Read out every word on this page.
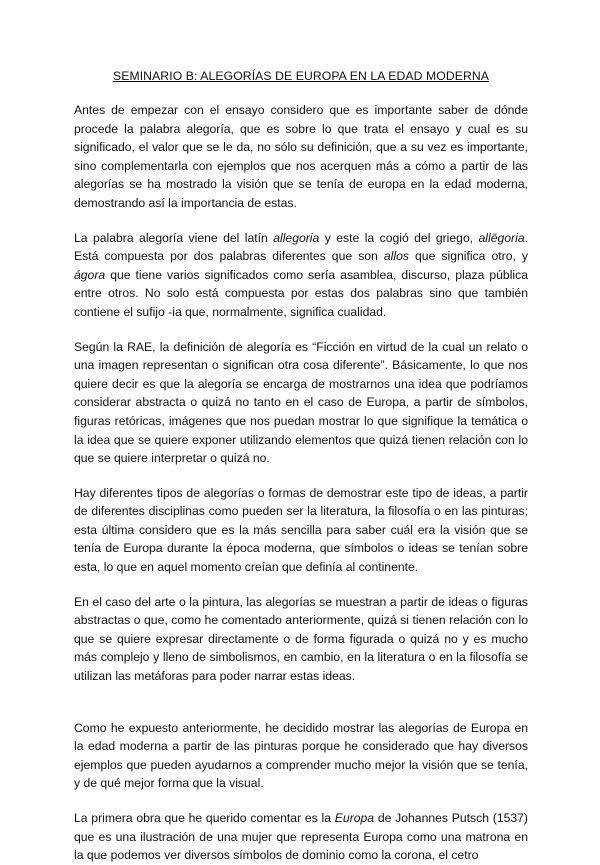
SEMINARIO B: ALEGORÍAS DE EUROPA EN LA EDAD MODERNA

Antes de empezar con el ensayo considero que es importante saber de dónde procede la palabra alegoría, que es sobre lo que trata el ensayo y cual es su significado, el valor que se le da, no sólo su definición, que a su vez es importante, sino complementarla con ejemplos que nos acerquen más a cómo a partir de las alegorías se ha mostrado la visión que se tenía de europa en la edad moderna, demostrando así la importancia de estas.

La palabra alegoría viene del latín allegoria y este la cogió del griego, allēgoria. Está compuesta por dos palabras diferentes que son allos que significa otro, y ágora que tiene varios significados como sería asamblea, discurso, plaza pública entre otros. No solo está compuesta por estas dos palabras sino que también contiene el sufijo -ia que, normalmente, significa cualidad.

Según la RAE, la definición de alegoría es “Ficción en virtud de la cual un relato o una imagen representan o significan otra cosa diferente”. Básicamente, lo que nos quiere decir es que la alegoría se encarga de mostrarnos una idea que podríamos considerar abstracta o quizá no tanto en el caso de Europa, a partir de símbolos, figuras retóricas, imágenes que nos puedan mostrar lo que signifique la temática o la idea que se quiere exponer utilizando elementos que quizá tienen relación con lo que se quiere interpretar o quizá no.

Hay diferentes tipos de alegorías o formas de demostrar este tipo de ideas, a partir de diferentes disciplinas como pueden ser la literatura, la filosofía o en las pinturas; esta última considero que es la más sencilla para saber cuál era la visión que se tenía de Europa durante la época moderna, que símbolos o ideas se tenían sobre esta, lo que en aquel momento creían que definía al continente.

En el caso del arte o la pintura, las alegorías se muestran a partir de ideas o figuras abstractas o que, como he comentado anteriormente, quizá si tienen relación con lo que se quiere expresar directamente o de forma figurada o quizá no y es mucho más complejo y lleno de simbolismos, en cambio, en la literatura o en la filosofía se utilizan las metáforas para poder narrar estas ideas.

Como he expuesto anteriormente, he decidido mostrar las alegorías de Europa en la edad moderna a partir de las pinturas porque he considerado que hay diversos ejemplos que pueden ayudarnos a comprender mucho mejor la visión que se tenía, y de qué mejor forma que la visual.

La primera obra que he querido comentar es la Europa de Johannes Putsch (1537) que es una ilustración de una mujer que representa Europa como una matrona en la que podemos ver diversos símbolos de dominio como la corona, el cetro
